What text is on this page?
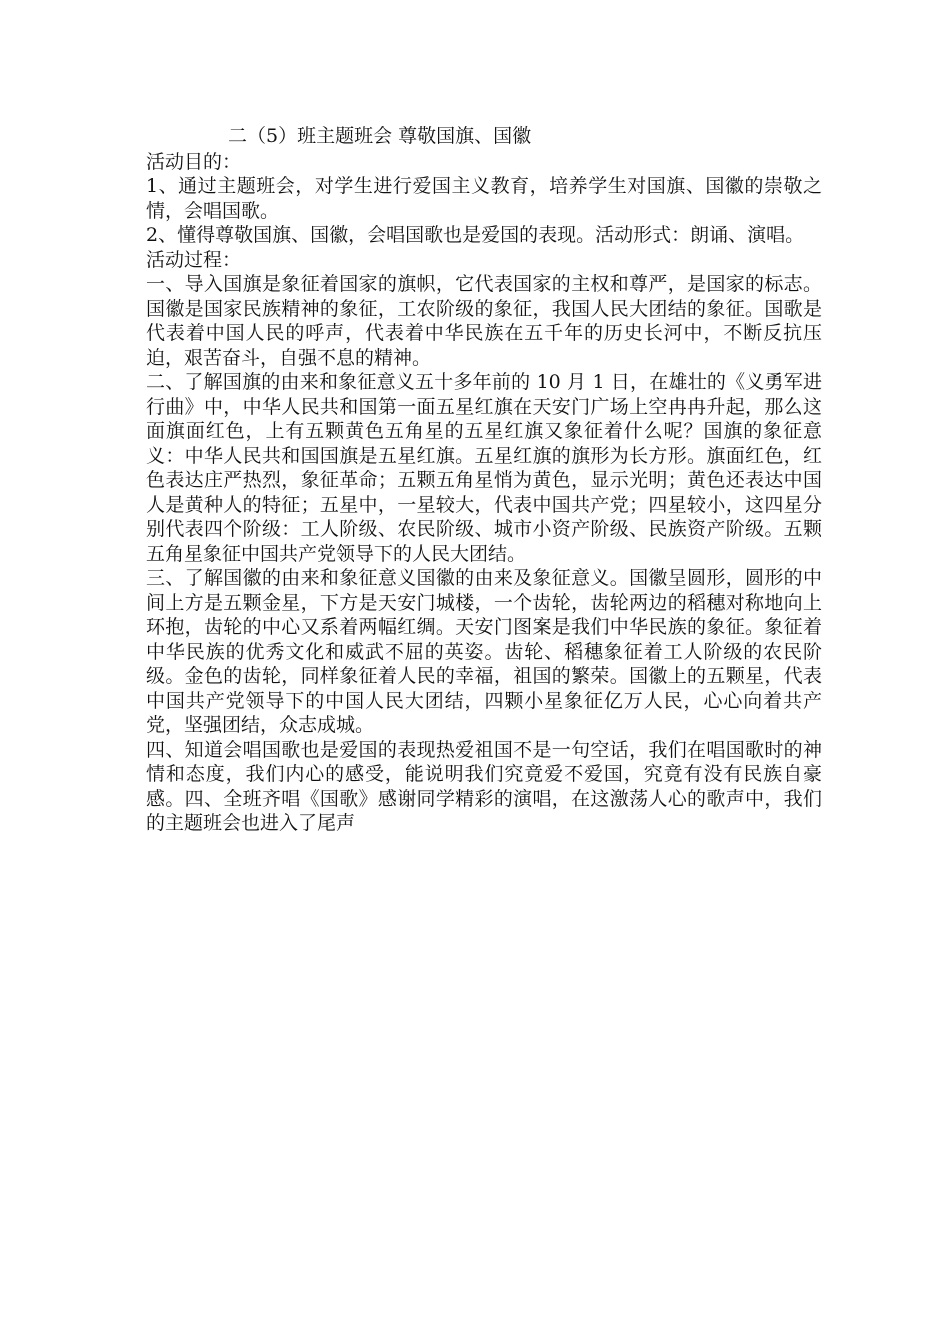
二（5）班主题班会 尊敬国旗、国徽

活动目的：

1、通过主题班会，对学生进行爱国主义教育，培养学生对国旗、国徽的崇敬之情，会唱国歌。

2、懂得尊敬国旗、国徽，会唱国歌也是爱国的表现。活动形式：朗诵、演唱。

活动过程：

一、导入国旗是象征着国家的旗帜，它代表国家的主权和尊严，是国家的标志。国徽是国家民族精神的象征，工农阶级的象征，我国人民大团结的象征。国歌是代表着中国人民的呼声，代表着中华民族在五千年的历史长河中，不断反抗压迫，艰苦奋斗，自强不息的精神。

二、了解国旗的由来和象征意义五十多年前的 10 月 1 日，在雄壮的《义勇军进行曲》中，中华人民共和国第一面五星红旗在天安门广场上空冉冉升起，那么这面旗面红色，上有五颗黄色五角星的五星红旗又象征着什么呢？国旗的象征意义：中华人民共和国国旗是五星红旗。五星红旗的旗形为长方形。旗面红色，红色表达庄严热烈，象征革命；五颗五角星悄为黄色，显示光明；黄色还表达中国人是黄种人的特征；五星中，一星较大，代表中国共产党；四星较小，这四星分别代表四个阶级：工人阶级、农民阶级、城市小资产阶级、民族资产阶级。五颗五角星象征中国共产党领导下的人民大团结。

三、了解国徽的由来和象征意义国徽的由来及象征意义。国徽呈圆形，圆形的中间上方是五颗金星，下方是天安门城楼，一个齿轮，齿轮两边的稻穗对称地向上环抱，齿轮的中心又系着两幅红绸。天安门图案是我们中华民族的象征。象征着中华民族的优秀文化和威武不屈的英姿。齿轮、稻穗象征着工人阶级的农民阶级。金色的齿轮，同样象征着人民的幸福，祖国的繁荣。国徽上的五颗星，代表中国共产党领导下的中国人民大团结，四颗小星象征亿万人民，心心向着共产党，坚强团结，众志成城。

四、知道会唱国歌也是爱国的表现热爱祖国不是一句空话，我们在唱国歌时的神情和态度，我们内心的感受，能说明我们究竟爱不爱国，究竟有没有民族自豪感。四、全班齐唱《国歌》感谢同学精彩的演唱，在这激荡人心的歌声中，我们的主题班会也进入了尾声
